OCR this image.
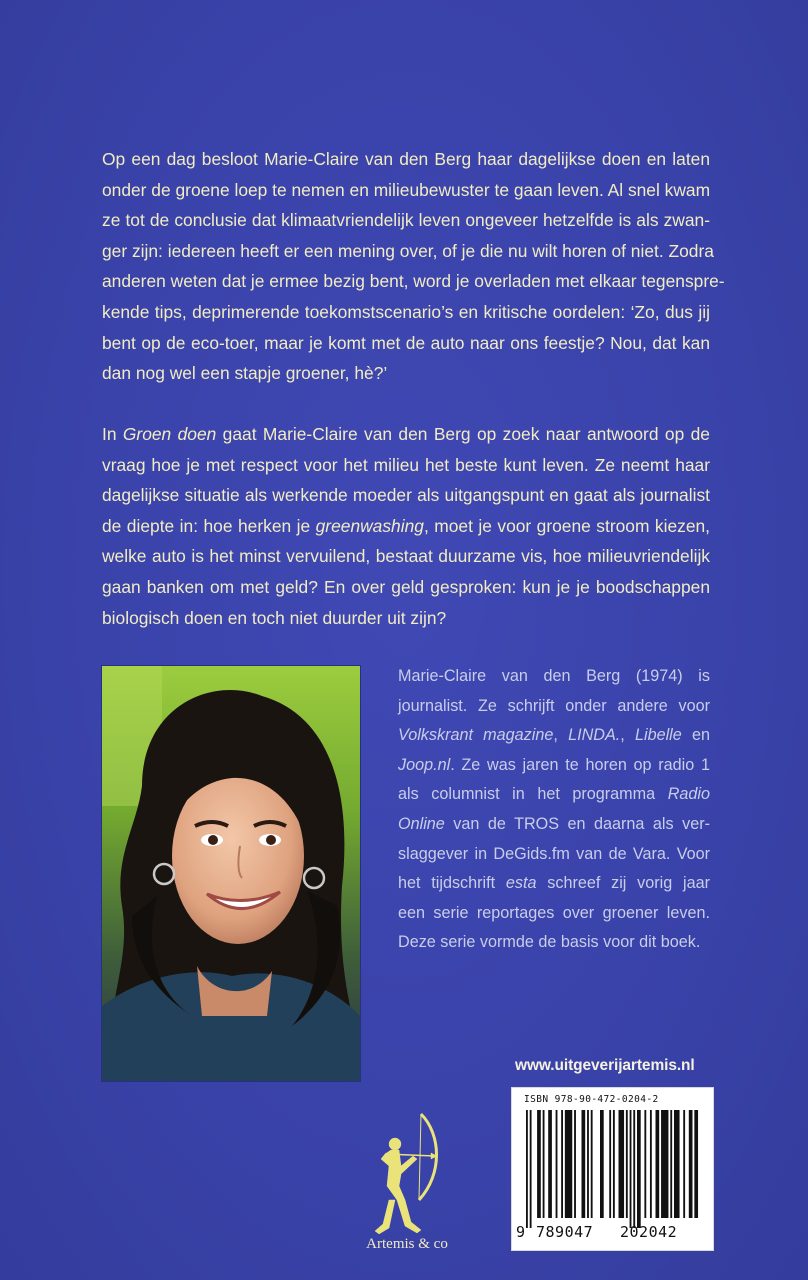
Op een dag besloot Marie-Claire van den Berg haar dagelijkse doen en laten
onder de groene loep te nemen en milieubewuster te gaan leven. Al snel kwam
ze tot de conclusie dat klimaatvriendelijk leven ongeveer hetzelfde is als zwan-
ger zijn: iedereen heeft er een mening over, of je die nu wilt horen of niet. Zodra
anderen weten dat je ermee bezig bent, word je overladen met elkaar tegenspre-
kende tips, deprimerende toekomstscenario’s en kritische oordelen: ‘Zo, dus jij
bent op de eco-toer, maar je komt met de auto naar ons feestje? Nou, dat kan
dan nog wel een stapje groener, hè?’
In Groen doen gaat Marie-Claire van den Berg op zoek naar antwoord op de
vraag hoe je met respect voor het milieu het beste kunt leven. Ze neemt haar
dagelijkse situatie als werkende moeder als uitgangspunt en gaat als journalist
de diepte in: hoe herken je greenwashing, moet je voor groene stroom kiezen,
welke auto is het minst vervuilend, bestaat duurzame vis, hoe milieuvriendelijk
gaan banken om met geld? En over geld gesproken: kun je je boodschappen
biologisch doen en toch niet duurder uit zijn?
Marie-Claire van den Berg (1974) is
journalist. Ze schrijft onder andere voor
Volkskrant magazine, LINDA., Libelle en
Joop.nl. Ze was jaren te horen op radio 1
als columnist in het programma Radio
Online van de TROS en daarna als ver-
slaggever in DeGids.fm van de Vara. Voor
het tijdschrift esta schreef zij vorig jaar
een serie reportages over groener leven.
Deze serie vormde de basis voor dit boek.
www.uitgeverijartemis.nl
Artemis & co
ISBN 978-90-472-0204-2
9 789047 202042
